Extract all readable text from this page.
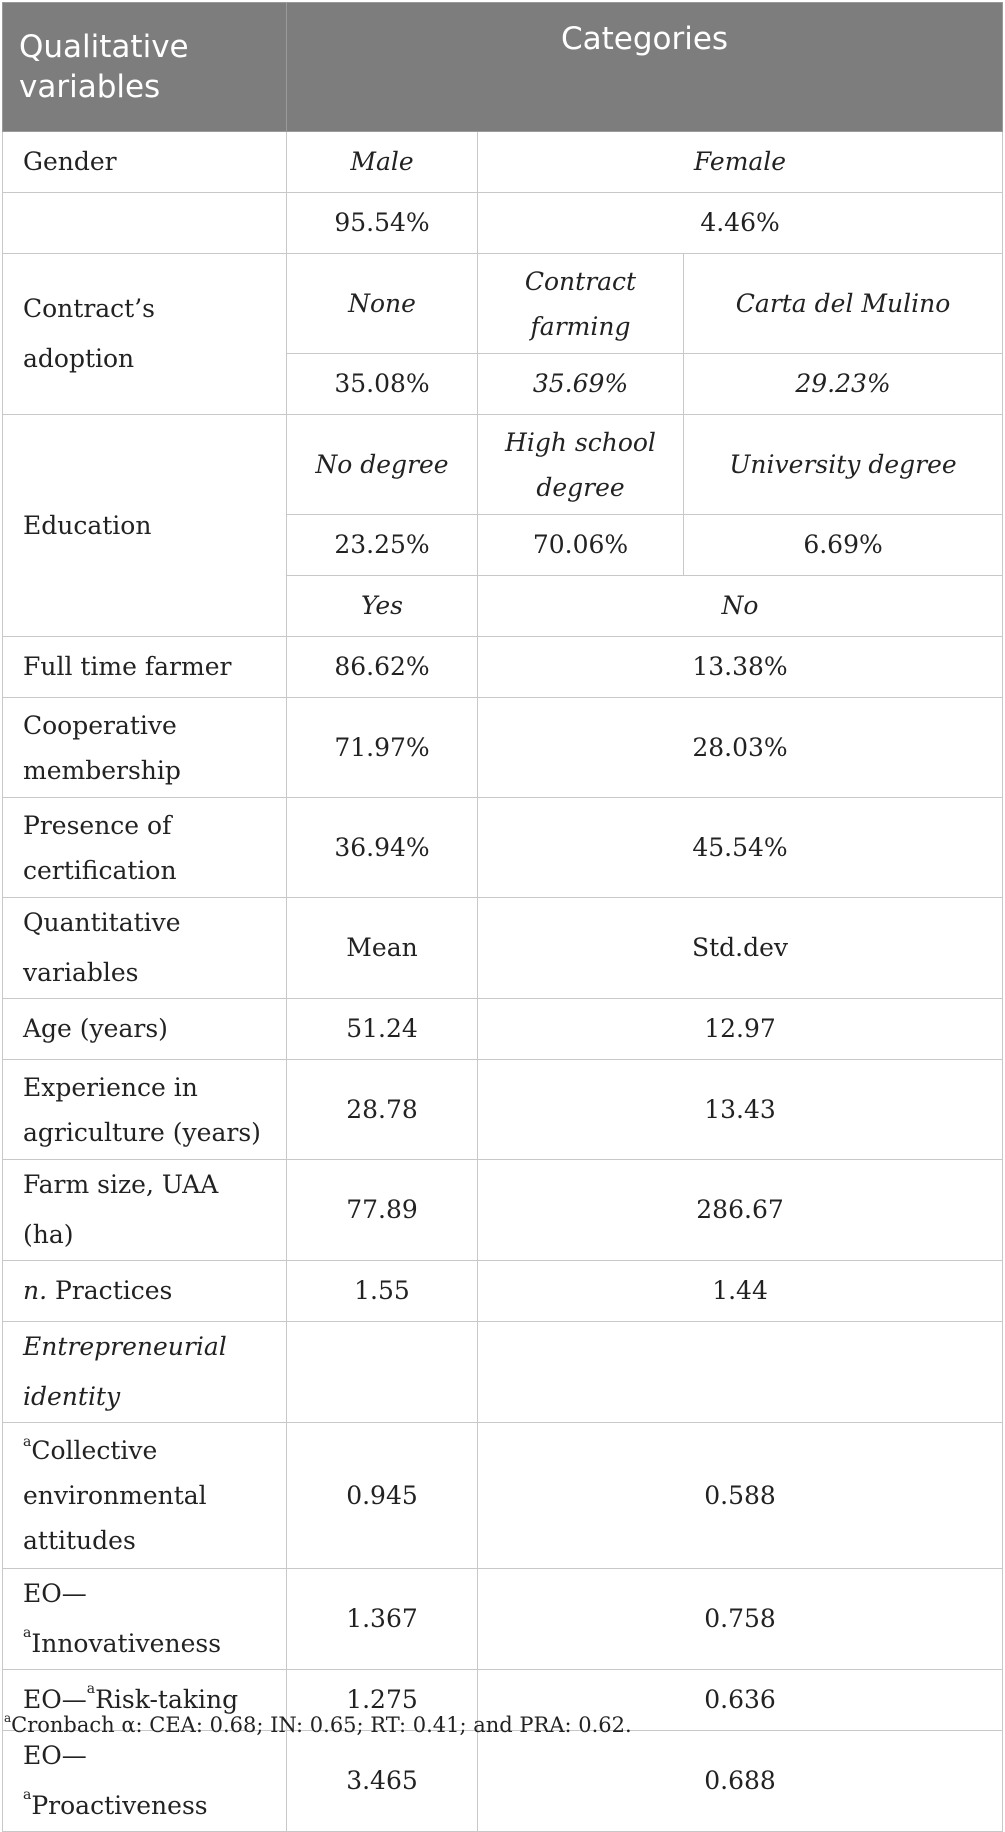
Qualitative variables	Categories		
Gender	Male	Female	
	95.54%	4.46%	
Contract’s adoption	None	Contract farming	Carta del Mulino
	35.08%	35.69%	29.23%
Education	No degree	High school degree	University degree
	23.25%	70.06%	6.69%
	Yes	No	
Full time farmer	86.62%	13.38%	
Cooperative membership	71.97%	28.03%	
Presence of certification	36.94%	45.54%	
Quantitative variables	Mean	Std.dev	
Age (years)	51.24	12.97	
Experience in agriculture (years)	28.78	13.43	
Farm size, UAA (ha)	77.89	286.67	
n. Practices	1.55	1.44	
Entrepreneurial identity			
$^a$Collective environmental attitudes	0.945	0.588	
EO—$^a$Innovativeness	1.367	0.758	
EO—$^a$Risk-taking	1.275	0.636	
EO—$^a$Proactiveness	3.465	0.688	
$^a$Cronbach α: CEA: 0.68; IN: 0.65; RT: 0.41; and PRA: 0.62.
